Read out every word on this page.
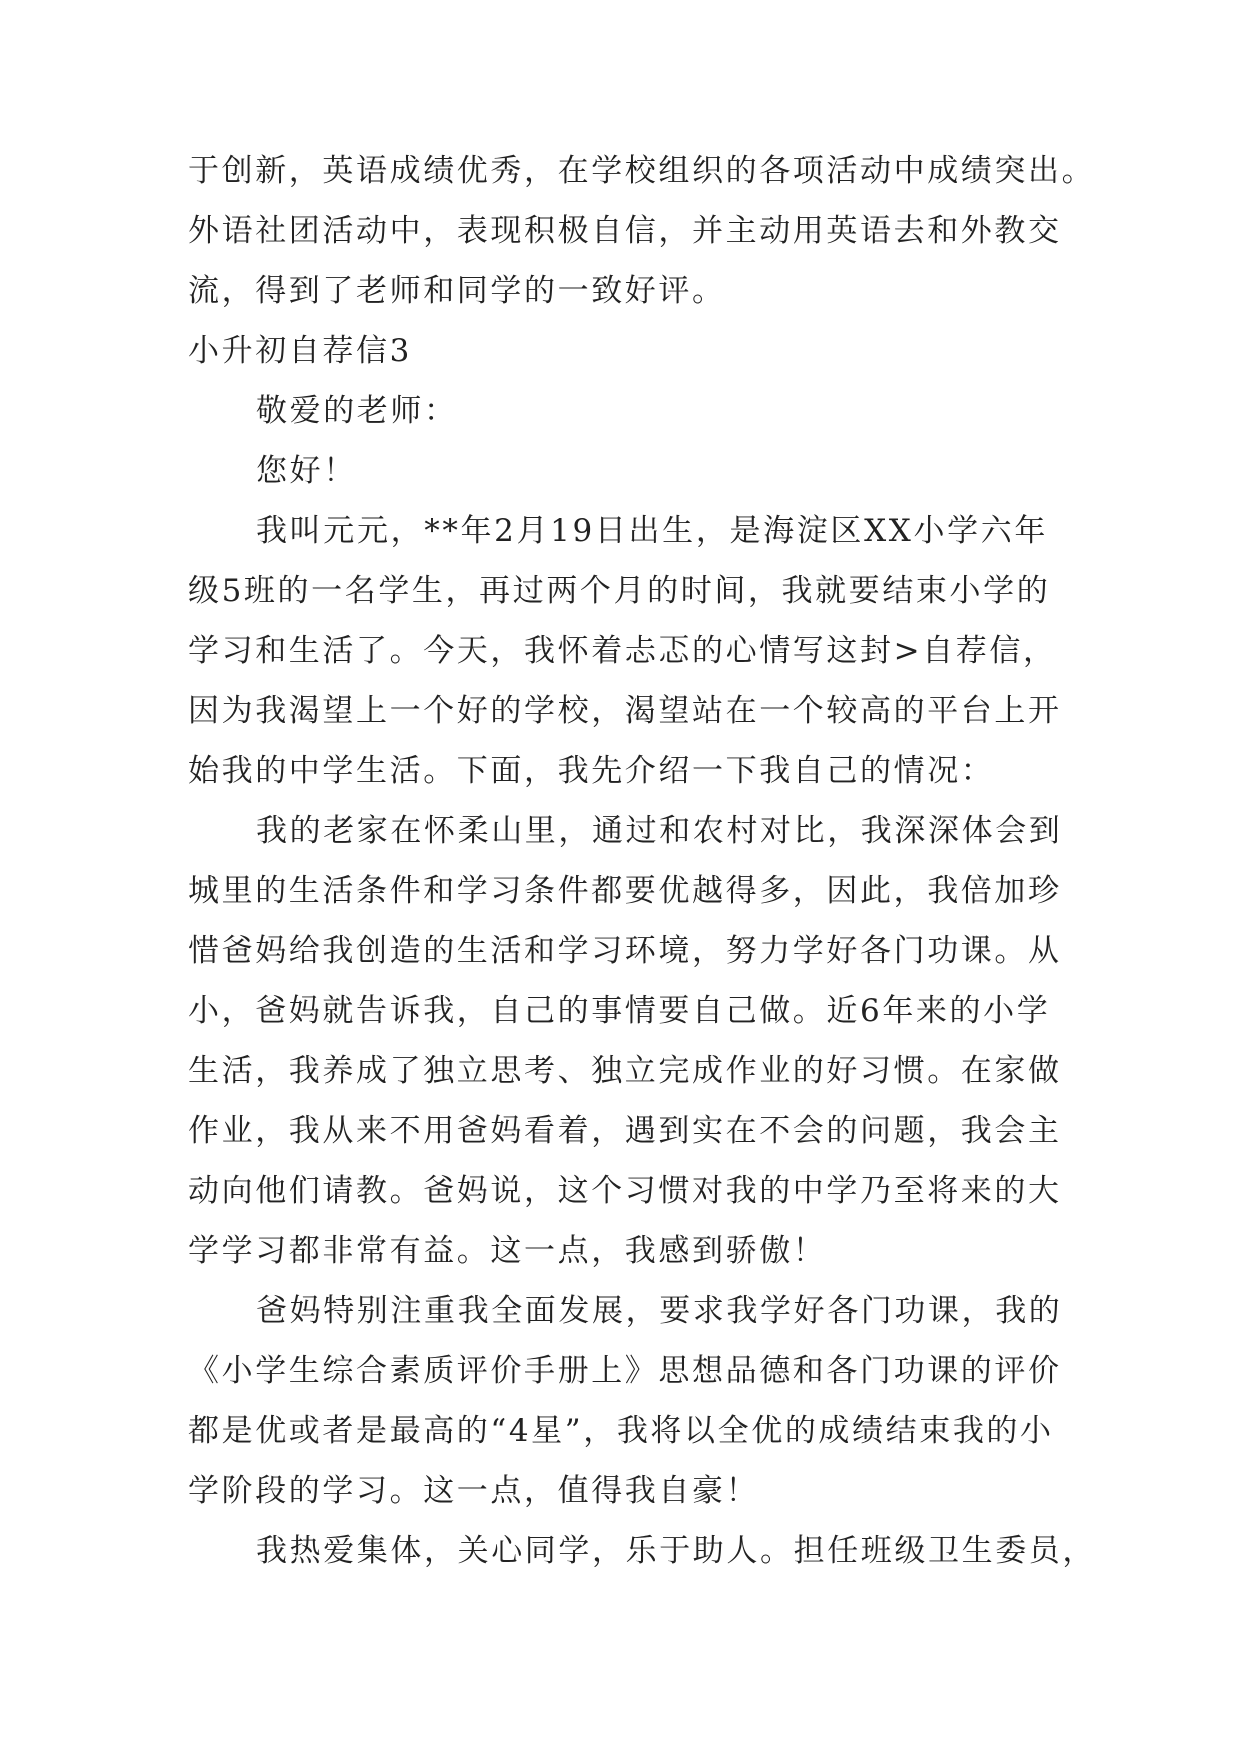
于创新，英语成绩优秀，在学校组织的各项活动中成绩突出。
外语社团活动中，表现积极自信，并主动用英语去和外教交
流，得到了老师和同学的一致好评。
小升初自荐信3
敬爱的老师：
您好！
我叫元元，**年2月19日出生，是海淀区XX小学六年
级5班的一名学生，再过两个月的时间，我就要结束小学的
学习和生活了。今天，我怀着忐忑的心情写这封>自荐信，
因为我渴望上一个好的学校，渴望站在一个较高的平台上开
始我的中学生活。下面，我先介绍一下我自己的情况：
我的老家在怀柔山里，通过和农村对比，我深深体会到
城里的生活条件和学习条件都要优越得多，因此，我倍加珍
惜爸妈给我创造的生活和学习环境，努力学好各门功课。从
小，爸妈就告诉我，自己的事情要自己做。近6年来的小学
生活，我养成了独立思考、独立完成作业的好习惯。在家做
作业，我从来不用爸妈看着，遇到实在不会的问题，我会主
动向他们请教。爸妈说，这个习惯对我的中学乃至将来的大
学学习都非常有益。这一点，我感到骄傲！
爸妈特别注重我全面发展，要求我学好各门功课，我的
《小学生综合素质评价手册上》思想品德和各门功课的评价
都是优或者是最高的“4星”，我将以全优的成绩结束我的小
学阶段的学习。这一点，值得我自豪！
我热爱集体，关心同学，乐于助人。担任班级卫生委员，
